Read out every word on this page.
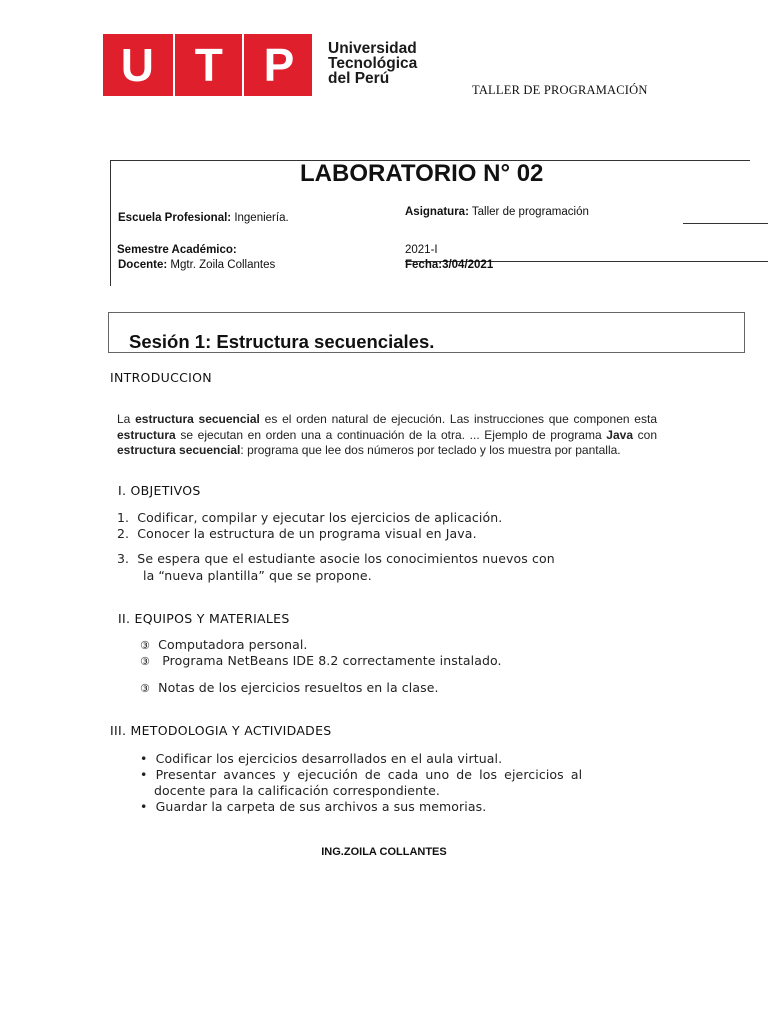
U T P Universidad
Tecnológica
del Perú
TALLER DE PROGRAMACIÓN
LABORATORIO N° 02
Escuela Profesional: Ingeniería.	Asignatura: Taller de programación
Semestre Académico:	2021-I
Docente: Mgtr. Zoila Collantes	Fecha:3/04/2021
Sesión 1: Estructura secuenciales.
INTRODUCCION
La estructura secuencial es el orden natural de ejecución. Las instrucciones que componen esta estructura se ejecutan en orden una a continuación de la otra. ... Ejemplo de programa Java con estructura secuencial: programa que lee dos números por teclado y los muestra por pantalla.
I. OBJETIVOS
1. Codificar, compilar y ejecutar los ejercicios de aplicación.
2. Conocer la estructura de un programa visual en Java.
3. Se espera que el estudiante asocie los conocimientos nuevos con
la “nueva plantilla” que se propone.
II. EQUIPOS Y MATERIALES
③ Computadora personal.
③   Programa NetBeans IDE 8.2 correctamente instalado.
③ Notas de los ejercicios resueltos en la clase.
III. METODOLOGIA Y ACTIVIDADES
• Codificar los ejercicios desarrollados en el aula virtual.
• Presentar avances y ejecución de cada uno de los ejercicios al
docente para la calificación correspondiente.
• Guardar la carpeta de sus archivos a sus memorias.
ING.ZOILA COLLANTES
